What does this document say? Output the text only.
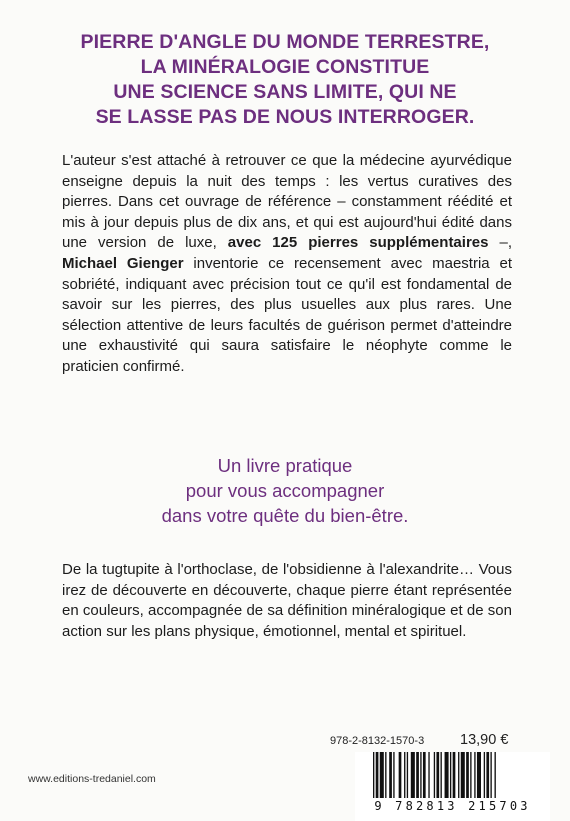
PIERRE D'ANGLE DU MONDE TERRESTRE,
LA MINÉRALOGIE CONSTITUE
UNE SCIENCE SANS LIMITE, QUI NE
SE LASSE PAS DE NOUS INTERROGER.

L'auteur s'est attaché à retrouver ce que la médecine ayurvédique enseigne depuis la nuit des temps : les vertus curatives des pierres. Dans cet ouvrage de référence – constamment réédité et mis à jour depuis plus de dix ans, et qui est aujourd'hui édité dans une version de luxe, avec 125 pierres supplémentaires –, Michael Gienger inventorie ce recensement avec maestria et sobriété, indiquant avec précision tout ce qu'il est fondamental de savoir sur les pierres, des plus usuelles aux plus rares. Une sélection attentive de leurs facultés de guérison permet d'atteindre une exhaustivité qui saura satisfaire le néophyte comme le praticien confirmé.

Un livre pratique
pour vous accompagner
dans votre quête du bien-être.

De la tugtupite à l'orthoclase, de l'obsidienne à l'alexandrite… Vous irez de découverte en découverte, chaque pierre étant représentée en couleurs, accompagnée de sa définition minéralogique et de son action sur les plans physique, émotionnel, mental et spirituel.

978-2-8132-1570-3 13,90 €
www.editions-tredaniel.com
9 782813 215703
